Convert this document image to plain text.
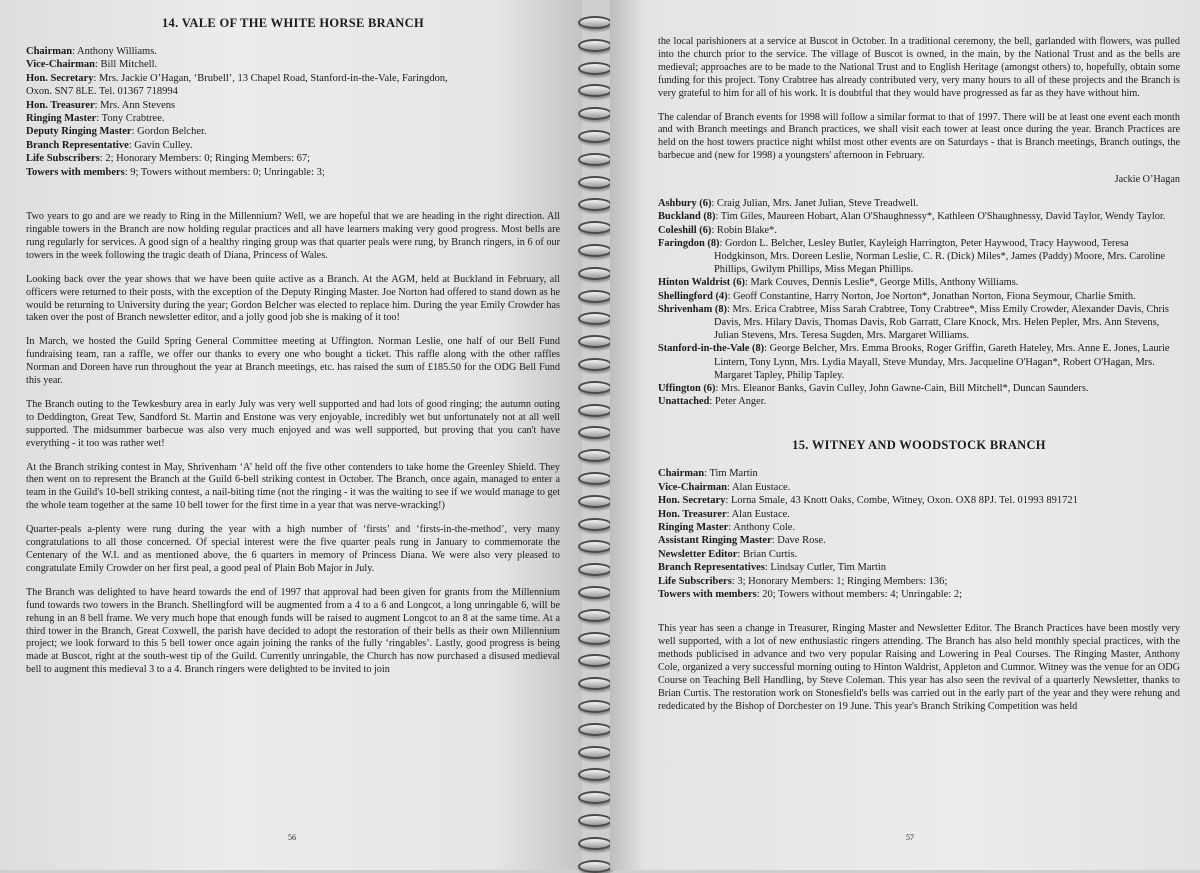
14. VALE OF THE WHITE HORSE BRANCH
Chairman: Anthony Williams.
Vice-Chairman: Bill Mitchell.
Hon. Secretary: Mrs. Jackie O’Hagan, ‘Brubell’, 13 Chapel Road, Stanford-in-the-Vale, Faringdon,
Oxon. SN7 8LE. Tel. 01367 718994
Hon. Treasurer: Mrs. Ann Stevens
Ringing Master: Tony Crabtree.
Deputy Ringing Master: Gordon Belcher.
Branch Representative: Gavin Culley.
Life Subscribers: 2; Honorary Members: 0; Ringing Members: 67;
Towers with members: 9; Towers without members: 0; Unringable: 3;

Two years to go and are we ready to Ring in the Millennium? Well, we are hopeful that we are heading in the right direction. All ringable towers in the Branch are now holding regular practices and all have learners making very good progress. Most bells are rung regularly for services. A good sign of a healthy ringing group was that quarter peals were rung, by Branch ringers, in 6 of our towers in the week following the tragic death of Diana, Princess of Wales.

Looking back over the year shows that we have been quite active as a Branch. At the AGM, held at Buckland in February, all officers were returned to their posts, with the exception of the Deputy Ringing Master. Joe Norton had offered to stand down as he would be returning to University during the year; Gordon Belcher was elected to replace him. During the year Emily Crowder has taken over the post of Branch newsletter editor, and a jolly good job she is making of it too!

In March, we hosted the Guild Spring General Committee meeting at Uffington. Norman Leslie, one half of our Bell Fund fundraising team, ran a raffle, we offer our thanks to every one who bought a ticket. This raffle along with the other raffles Norman and Doreen have run throughout the year at Branch meetings, etc. has raised the sum of £185.50 for the ODG Bell Fund this year.

The Branch outing to the Tewkesbury area in early July was very well supported and had lots of good ringing; the autumn outing to Deddington, Great Tew, Sandford St. Martin and Enstone was very enjoyable, incredibly wet but unfortunately not at all well supported. The midsummer barbecue was also very much enjoyed and was well supported, but proving that you can't have everything - it too was rather wet!

At the Branch striking contest in May, Shrivenham ‘A’ held off the five other contenders to take home the Greenley Shield. They then went on to represent the Branch at the Guild 6-bell striking contest in October. The Branch, once again, managed to enter a team in the Guild's 10-bell striking contest, a nail-biting time (not the ringing - it was the waiting to see if we would manage to get the whole team together at the same 10 bell tower for the first time in a year that was nerve-wracking!)

Quarter-peals a-plenty were rung during the year with a high number of ‘firsts’ and ‘firsts-in-the-method’, very many congratulations to all those concerned. Of special interest were the five quarter peals rung in January to commemorate the Centenary of the W.I. and as mentioned above, the 6 quarters in memory of Princess Diana. We were also very pleased to congratulate Emily Crowder on her first peal, a good peal of Plain Bob Major in July.

The Branch was delighted to have heard towards the end of 1997 that approval had been given for grants from the Millennium fund towards two towers in the Branch. Shellingford will be augmented from a 4 to a 6 and Longcot, a long unringable 6, will be rehung in an 8 bell frame. We very much hope that enough funds will be raised to augment Longcot to an 8 at the same time. At a third tower in the Branch, Great Coxwell, the parish have decided to adopt the restoration of their bells as their own Millennium project; we look forward to this 5 bell tower once again joining the ranks of the fully ‘ringables’. Lastly, good progress is being made at Buscot, right at the south-west tip of the Guild. Currently unringable, the Church has now purchased a disused medieval bell to augment this medieval 3 to a 4. Branch ringers were delighted to be invited to join

56

the local parishioners at a service at Buscot in October. In a traditional ceremony, the bell, garlanded with flowers, was pulled into the church prior to the service. The village of Buscot is owned, in the main, by the National Trust and as the bells are medieval; approaches are to be made to the National Trust and to English Heritage (amongst others) to, hopefully, obtain some funding for this project. Tony Crabtree has already contributed very, very many hours to all of these projects and the Branch is very grateful to him for all of his work. It is doubtful that they would have progressed as far as they have without him.

The calendar of Branch events for 1998 will follow a similar format to that of 1997. There will be at least one event each month and with Branch meetings and Branch practices, we shall visit each tower at least once during the year. Branch Practices are held on the host towers practice night whilst most other events are on Saturdays - that is Branch meetings, Branch outings, the barbecue and (new for 1998) a youngsters' afternoon in February.

Jackie O’Hagan
Ashbury (6): Craig Julian, Mrs. Janet Julian, Steve Treadwell.
Buckland (8): Tim Giles, Maureen Hobart, Alan O'Shaughnessy*, Kathleen O'Shaughnessy, David Taylor, Wendy Taylor.
Coleshill (6): Robin Blake*.
Faringdon (8): Gordon L. Belcher, Lesley Butler, Kayleigh Harrington, Peter Haywood, Tracy Haywood, Teresa Hodgkinson, Mrs. Doreen Leslie, Norman Leslie, C. R. (Dick) Miles*, James (Paddy) Moore, Mrs. Caroline Phillips, Gwilym Phillips, Miss Megan Phillips.
Hinton Waldrist (6): Mark Couves, Dennis Leslie*, George Mills, Anthony Williams.
Shellingford (4): Geoff Constantine, Harry Norton, Joe Norton*, Jonathan Norton, Fiona Seymour, Charlie Smith.
Shrivenham (8): Mrs. Erica Crabtree, Miss Sarah Crabtree, Tony Crabtree*, Miss Emily Crowder, Alexander Davis, Chris Davis, Mrs. Hilary Davis, Thomas Davis, Rob Garratt, Clare Knock, Mrs. Helen Pepler, Mrs. Ann Stevens, Julian Stevens, Mrs. Teresa Sugden, Mrs. Margaret Williams.
Stanford-in-the-Vale (8): George Belcher, Mrs. Emma Brooks, Roger Griffin, Gareth Hateley, Mrs. Anne E. Jones, Laurie Lintern, Tony Lynn, Mrs. Lydia Mayall, Steve Munday, Mrs. Jacqueline O'Hagan*, Robert O'Hagan, Mrs. Margaret Tapley, Philip Tapley.
Uffington (6): Mrs. Eleanor Banks, Gavin Culley, John Gawne-Cain, Bill Mitchell*, Duncan Saunders.
Unattached: Peter Anger.
15. WITNEY AND WOODSTOCK BRANCH
Chairman: Tim Martin
Vice-Chairman: Alan Eustace.
Hon. Secretary: Lorna Smale, 43 Knott Oaks, Combe, Witney, Oxon. OX8 8PJ. Tel. 01993 891721
Hon. Treasurer: Alan Eustace.
Ringing Master: Anthony Cole.
Assistant Ringing Master: Dave Rose.
Newsletter Editor: Brian Curtis.
Branch Representatives: Lindsay Cutler, Tim Martin
Life Subscribers: 3; Honorary Members: 1; Ringing Members: 136;
Towers with members: 20; Towers without members: 4; Unringable: 2;

This year has seen a change in Treasurer, Ringing Master and Newsletter Editor. The Branch Practices have been mostly very well supported, with a lot of new enthusiastic ringers attending. The Branch has also held monthly special practices, with the methods publicised in advance and two very popular Raising and Lowering in Peal Courses. The Ringing Master, Anthony Cole, organized a very successful morning outing to Hinton Waldrist, Appleton and Cumnor. Witney was the venue for an ODG Course on Teaching Bell Handling, by Steve Coleman. This year has also seen the revival of a quarterly Newsletter, thanks to Brian Curtis. The restoration work on Stonesfield's bells was carried out in the early part of the year and they were rehung and rededicated by the Bishop of Dorchester on 19 June. This year's Branch Striking Competition was held

57
